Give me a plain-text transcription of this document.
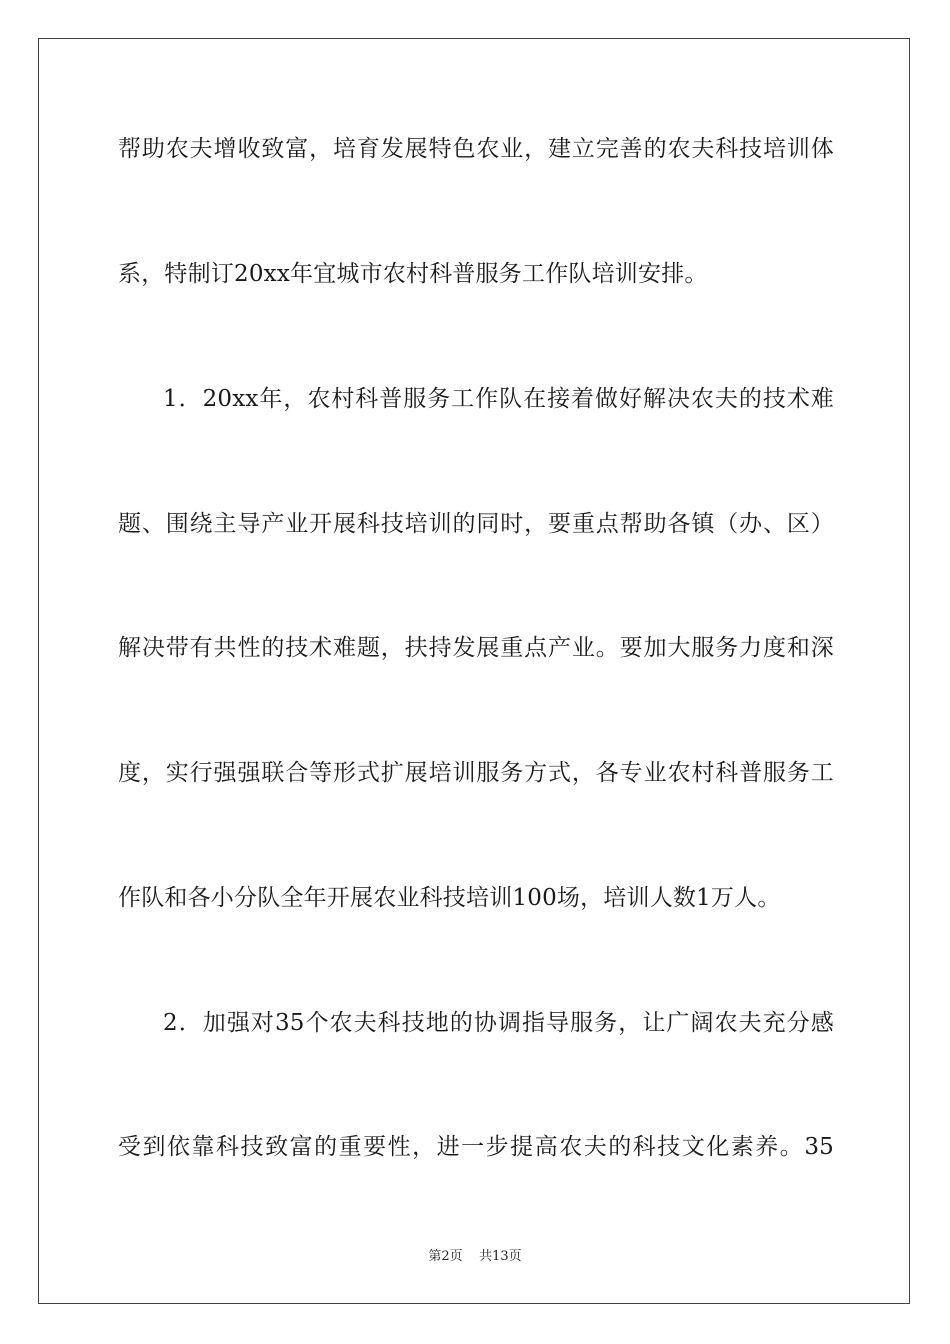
帮助农夫增收致富，培育发展特色农业，建立完善的农夫科技培训体
系，特制订20xx年宜城市农村科普服务工作队培训安排。
1．20xx年，农村科普服务工作队在接着做好解决农夫的技术难
题、围绕主导产业开展科技培训的同时，要重点帮助各镇（办、区）
解决带有共性的技术难题，扶持发展重点产业。要加大服务力度和深
度，实行强强联合等形式扩展培训服务方式，各专业农村科普服务工
作队和各小分队全年开展农业科技培训100场，培训人数1万人。
2．加强对35个农夫科技地的协调指导服务，让广阔农夫充分感
受到依靠科技致富的重要性，进一步提高农夫的科技文化素养。35
第2页 共13页
